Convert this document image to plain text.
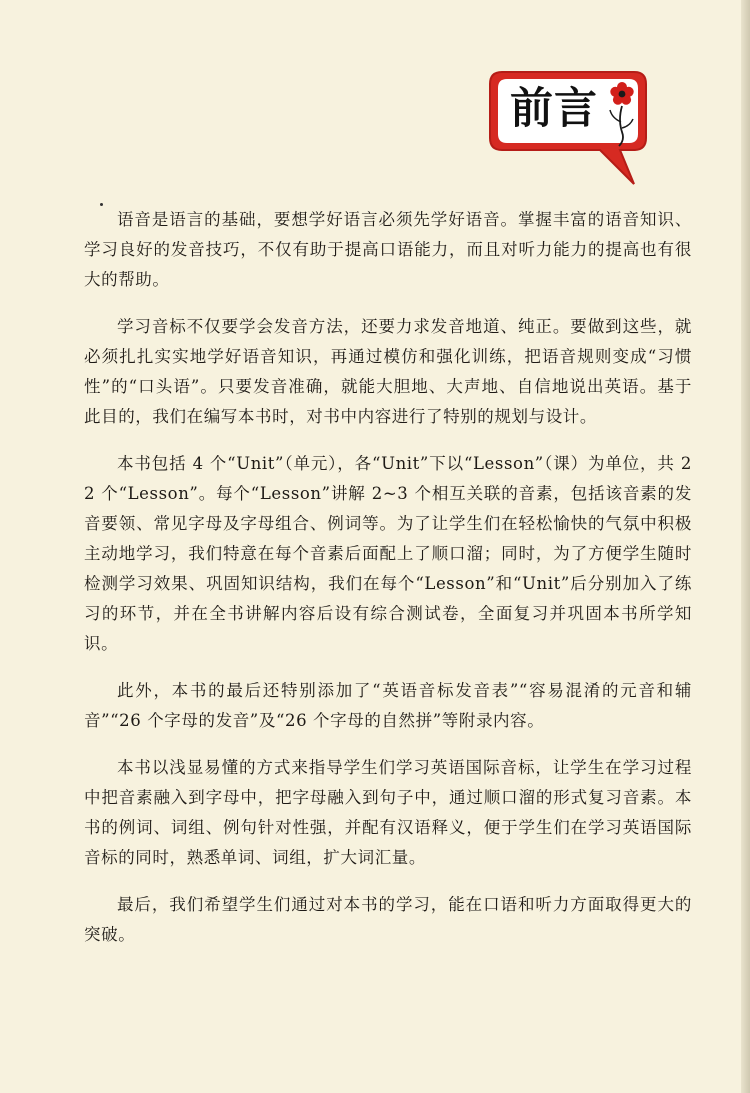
前言

语音是语言的基础，要想学好语言必须先学好语音。掌握丰富的语音知识、学习良好的发音技巧，不仅有助于提高口语能力，而且对听力能力的提高也有很大的帮助。

学习音标不仅要学会发音方法，还要力求发音地道、纯正。要做到这些，就必须扎扎实实地学好语音知识，再通过模仿和强化训练，把语音规则变成“习惯性”的“口头语”。只要发音准确，就能大胆地、大声地、自信地说出英语。基于此目的，我们在编写本书时，对书中内容进行了特别的规划与设计。

本书包括 4 个“Unit”（单元），各“Unit”下以“Lesson”（课）为单位，共 22 个“Lesson”。每个“Lesson”讲解 2~3 个相互关联的音素，包括该音素的发音要领、常见字母及字母组合、例词等。为了让学生们在轻松愉快的气氛中积极主动地学习，我们特意在每个音素后面配上了顺口溜；同时，为了方便学生随时检测学习效果、巩固知识结构，我们在每个“Lesson”和“Unit”后分别加入了练习的环节，并在全书讲解内容后设有综合测试卷，全面复习并巩固本书所学知识。

此外，本书的最后还特别添加了“英语音标发音表”“容易混淆的元音和辅音”“26 个字母的发音”及“26 个字母的自然拼”等附录内容。

本书以浅显易懂的方式来指导学生们学习英语国际音标，让学生在学习过程中把音素融入到字母中，把字母融入到句子中，通过顺口溜的形式复习音素。本书的例词、词组、例句针对性强，并配有汉语释义，便于学生们在学习英语国际音标的同时，熟悉单词、词组，扩大词汇量。

最后，我们希望学生们通过对本书的学习，能在口语和听力方面取得更大的突破。
